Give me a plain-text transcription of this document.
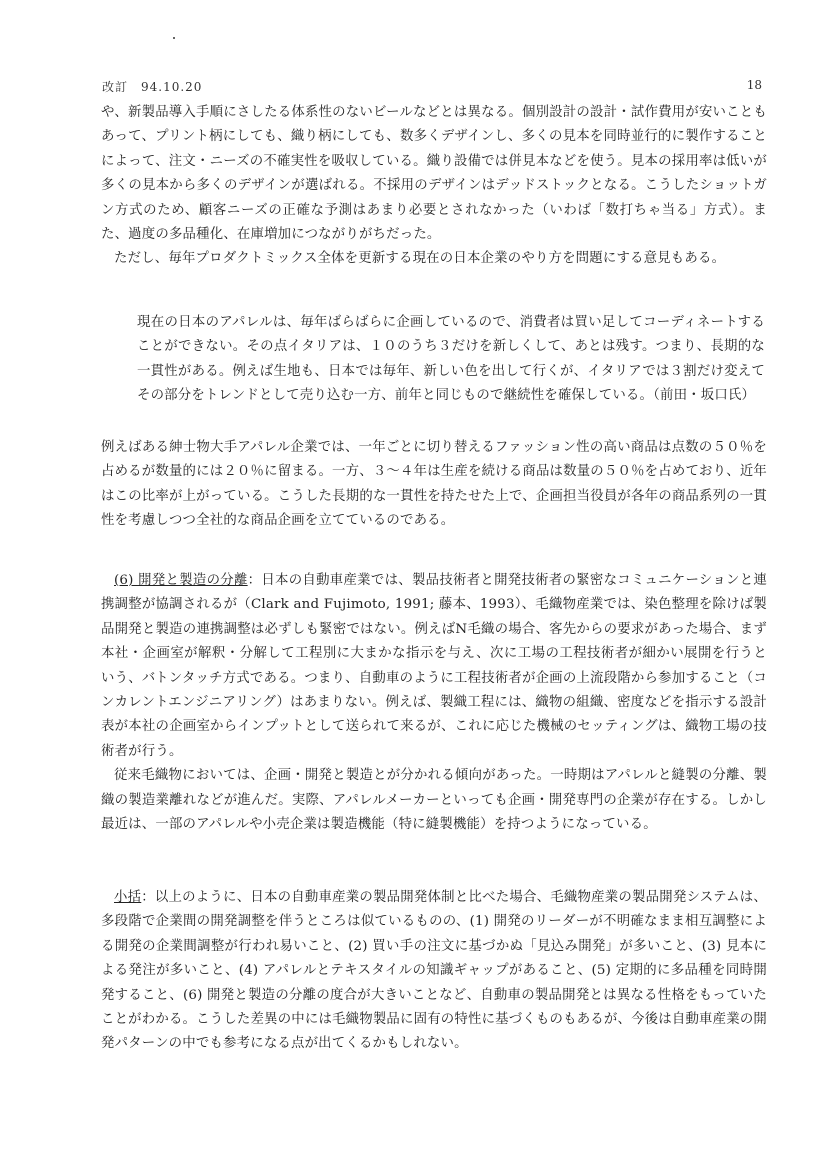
改訂　94.10.20	18

や、新製品導入手順にさしたる体系性のないビールなどとは異なる。個別設計の設計・試作費用が安いこともあって、プリント柄にしても、織り柄にしても、数多くデザインし、多くの見本を同時並行的に製作することによって、注文・ニーズの不確実性を吸収している。織り設備では併見本などを使う。見本の採用率は低いが多くの見本から多くのデザインが選ばれる。不採用のデザインはデッドストックとなる。こうしたショットガン方式のため、顧客ニーズの正確な予測はあまり必要とされなかった（いわば「数打ちゃ当る」方式）。また、過度の多品種化、在庫増加につながりがちだった。

ただし、毎年プロダクトミックス全体を更新する現在の日本企業のやり方を問題にする意見もある。

現在の日本のアパレルは、毎年ばらばらに企画しているので、消費者は買い足してコーディネートすることができない。その点イタリアは、１０のうち３だけを新しくして、あとは残す。つまり、長期的な一貫性がある。例えば生地も、日本では毎年、新しい色を出して行くが、イタリアでは３割だけ変えてその部分をトレンドとして売り込む一方、前年と同じもので継続性を確保している。（前田・坂口氏）

例えばある紳士物大手アパレル企業では、一年ごとに切り替えるファッション性の高い商品は点数の５０％を占めるが数量的には２０％に留まる。一方、３～４年は生産を続ける商品は数量の５０％を占めており、近年はこの比率が上がっている。こうした長期的な一貫性を持たせた上で、企画担当役員が各年の商品系列の一貫性を考慮しつつ全社的な商品企画を立てているのである。

(6) 開発と製造の分離：日本の自動車産業では、製品技術者と開発技術者の緊密なコミュニケーションと連携調整が協調されるが（Clark and Fujimoto, 1991; 藤本、1993）、毛織物産業では、染色整理を除けば製品開発と製造の連携調整は必ずしも緊密ではない。例えばN毛織の場合、客先からの要求があった場合、まず本社・企画室が解釈・分解して工程別に大まかな指示を与え、次に工場の工程技術者が細かい展開を行うという、バトンタッチ方式である。つまり、自動車のように工程技術者が企画の上流段階から参加すること（コンカレントエンジニアリング）はあまりない。例えば、製織工程には、織物の組織、密度などを指示する設計表が本社の企画室からインプットとして送られて来るが、これに応じた機械のセッティングは、織物工場の技術者が行う。

従来毛織物においては、企画・開発と製造とが分かれる傾向があった。一時期はアパレルと縫製の分離、製織の製造業離れなどが進んだ。実際、アパレルメーカーといっても企画・開発専門の企業が存在する。しかし最近は、一部のアパレルや小売企業は製造機能（特に縫製機能）を持つようになっている。

小括：以上のように、日本の自動車産業の製品開発体制と比べた場合、毛織物産業の製品開発システムは、多段階で企業間の開発調整を伴うところは似ているものの、(1) 開発のリーダーが不明確なまま相互調整による開発の企業間調整が行われ易いこと、(2) 買い手の注文に基づかぬ「見込み開発」が多いこと、(3) 見本による発注が多いこと、(4) アパレルとテキスタイルの知識ギャップがあること、(5) 定期的に多品種を同時開発すること、(6) 開発と製造の分離の度合が大きいことなど、自動車の製品開発とは異なる性格をもっていたことがわかる。こうした差異の中には毛織物製品に固有の特性に基づくものもあるが、今後は自動車産業の開発パターンの中でも参考になる点が出てくるかもしれない。
